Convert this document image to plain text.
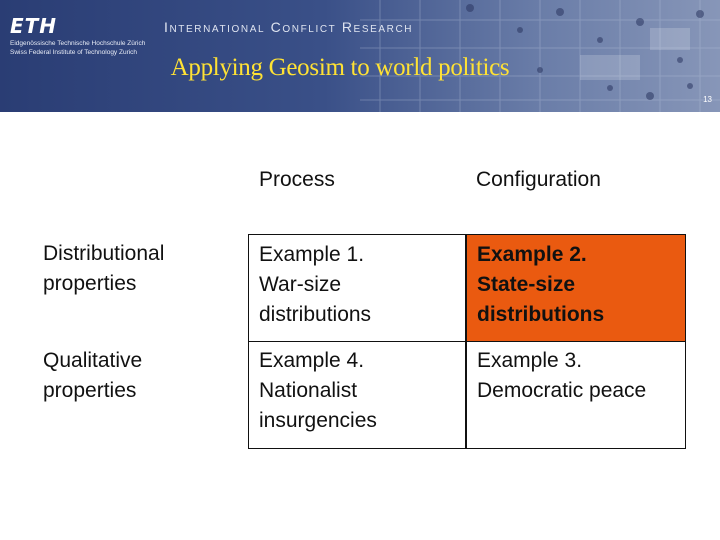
ETH
Eidgenössische Technische Hochschule Zürich
Swiss Federal Institute of Technology Zurich
International Conflict Research
Applying Geosim to world politics
13
Process	Configuration
Distributional
properties
Example 1.
War-size
distributions
Example 2.
State-size
distributions
Qualitative
properties
Example 4.
Nationalist
insurgencies
Example 3.
Democratic peace
